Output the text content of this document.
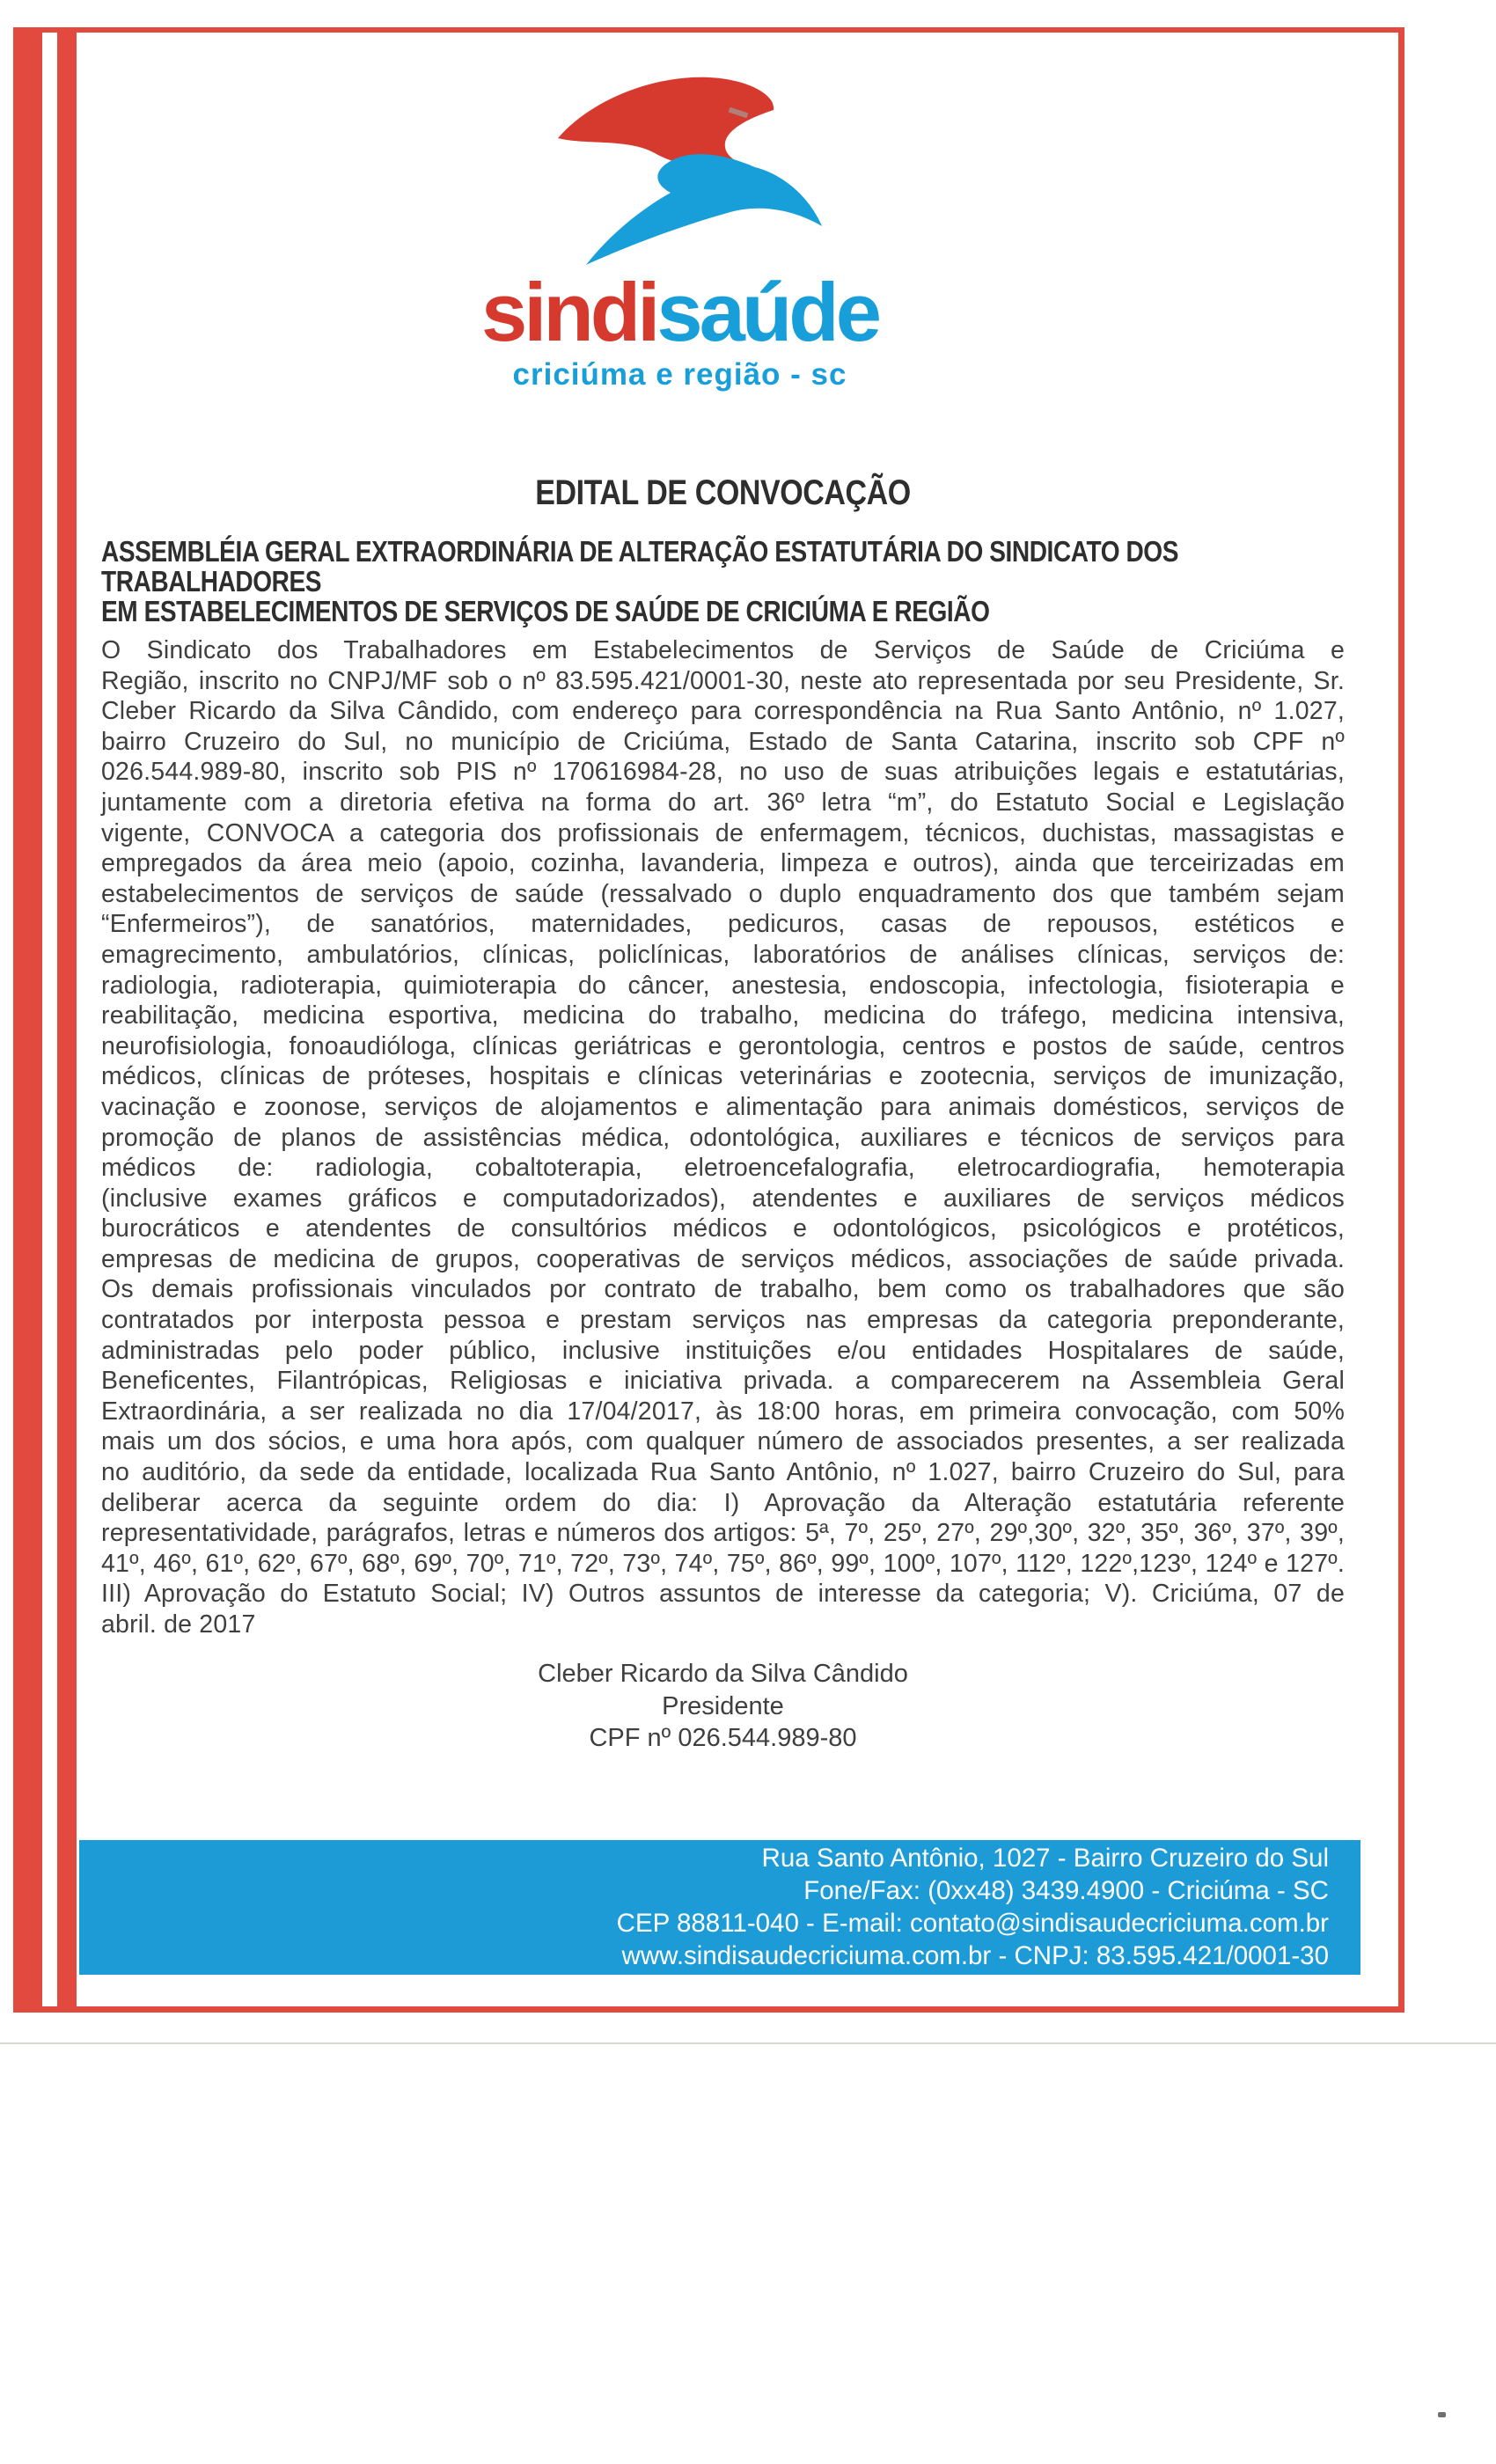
sindisaúde
criciúma e região - sc
EDITAL DE CONVOCAÇÃO
ASSEMBLÉIA GERAL EXTRAORDINÁRIA DE ALTERAÇÃO ESTATUTÁRIA DO SINDICATO DOS TRABALHADORES
EM ESTABELECIMENTOS DE SERVIÇOS DE SAÚDE DE CRICIÚMA E REGIÃO
O Sindicato dos Trabalhadores em Estabelecimentos de Serviços de Saúde de Criciúma e
Região, inscrito no CNPJ/MF sob o nº 83.595.421/0001-30, neste ato representada por seu Presidente, Sr.
Cleber Ricardo da Silva Cândido, com endereço para correspondência na Rua Santo Antônio, nº 1.027,
bairro Cruzeiro do Sul, no município de Criciúma, Estado de Santa Catarina, inscrito sob CPF nº
026.544.989-80, inscrito sob PIS nº 170616984-28, no uso de suas atribuições legais e estatutárias,
juntamente com a diretoria efetiva na forma do art. 36º letra “m”, do Estatuto Social e Legislação
vigente, CONVOCA a categoria dos profissionais de enfermagem, técnicos, duchistas, massagistas e
empregados da área meio (apoio, cozinha, lavanderia, limpeza e outros), ainda que terceirizadas em
estabelecimentos de serviços de saúde (ressalvado o duplo enquadramento dos que também sejam
“Enfermeiros”), de sanatórios, maternidades, pedicuros, casas de repousos, estéticos e
emagrecimento, ambulatórios, clínicas, policlínicas, laboratórios de análises clínicas, serviços de:
radiologia, radioterapia, quimioterapia do câncer, anestesia, endoscopia, infectologia, fisioterapia e
reabilitação, medicina esportiva, medicina do trabalho, medicina do tráfego, medicina intensiva,
neurofisiologia, fonoaudióloga, clínicas geriátricas e gerontologia, centros e postos de saúde, centros
médicos, clínicas de próteses, hospitais e clínicas veterinárias e zootecnia, serviços de imunização,
vacinação e zoonose, serviços de alojamentos e alimentação para animais domésticos, serviços de
promoção de planos de assistências médica, odontológica, auxiliares e técnicos de serviços para
médicos de: radiologia, cobaltoterapia, eletroencefalografia, eletrocardiografia, hemoterapia
(inclusive exames gráficos e computadorizados), atendentes e auxiliares de serviços médicos
burocráticos e atendentes de consultórios médicos e odontológicos, psicológicos e protéticos,
empresas de medicina de grupos, cooperativas de serviços médicos, associações de saúde privada.
Os demais profissionais vinculados por contrato de trabalho, bem como os trabalhadores que são
contratados por interposta pessoa e prestam serviços nas empresas da categoria preponderante,
administradas pelo poder público, inclusive instituições e/ou entidades Hospitalares de saúde,
Beneficentes, Filantrópicas, Religiosas e iniciativa privada. a comparecerem na Assembleia Geral
Extraordinária, a ser realizada no dia 17/04/2017, às 18:00 horas, em primeira convocação, com 50%
mais um dos sócios, e uma hora após, com qualquer número de associados presentes, a ser realizada
no auditório, da sede da entidade, localizada Rua Santo Antônio, nº 1.027, bairro Cruzeiro do Sul, para
deliberar acerca da seguinte ordem do dia: I) Aprovação da Alteração estatutária referente
representatividade, parágrafos, letras e números dos artigos: 5ª, 7º, 25º, 27º, 29º,30º, 32º, 35º, 36º, 37º, 39º,
41º, 46º, 61º, 62º, 67º, 68º, 69º, 70º, 71º, 72º, 73º, 74º, 75º, 86º, 99º, 100º, 107º, 112º, 122º,123º, 124º e 127º.
III) Aprovação do Estatuto Social; IV) Outros assuntos de interesse da categoria; V). Criciúma, 07 de
abril. de 2017
Cleber Ricardo da Silva Cândido
Presidente
CPF nº 026.544.989-80
Rua Santo Antônio, 1027 - Bairro Cruzeiro do Sul
Fone/Fax: (0xx48) 3439.4900 - Criciúma - SC
CEP 88811-040 - E-mail: contato@sindisaudecriciuma.com.br
www.sindisaudecriciuma.com.br - CNPJ: 83.595.421/0001-30
